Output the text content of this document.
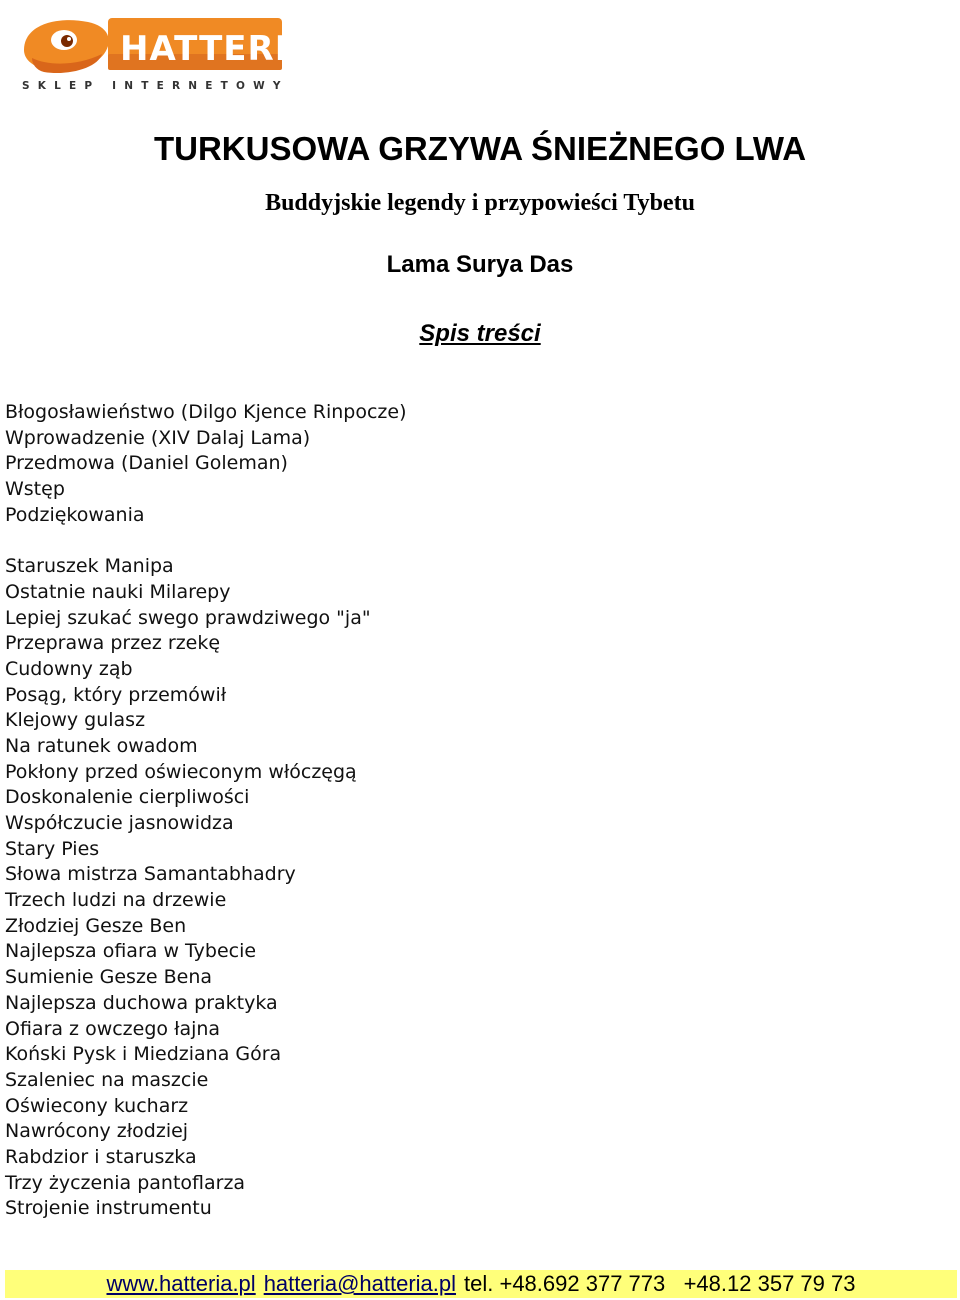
HATTERIA
SKLEP INTERNETOWY
TURKUSOWA GRZYWA ŚNIEŻNEGO LWA
Buddyjskie legendy i przypowieści Tybetu
Lama Surya Das
Spis treści
Błogosławieństwo (Dilgo Kjence Rinpocze)
Wprowadzenie (XIV Dalaj Lama)
Przedmowa (Daniel Goleman)
Wstęp
Podziękowania
Staruszek Manipa
Ostatnie nauki Milarepy
Lepiej szukać swego prawdziwego "ja"
Przeprawa przez rzekę
Cudowny ząb
Posąg, który przemówił
Klejowy gulasz
Na ratunek owadom
Pokłony przed oświeconym włóczęgą
Doskonalenie cierpliwości
Współczucie jasnowidza
Stary Pies
Słowa mistrza Samantabhadry
Trzech ludzi na drzewie
Złodziej Gesze Ben
Najlepsza ofiara w Tybecie
Sumienie Gesze Bena
Najlepsza duchowa praktyka
Ofiara z owczego łajna
Koński Pysk i Miedziana Góra
Szaleniec na maszcie
Oświecony kucharz
Nawrócony złodziej
Rabdzior i staruszka
Trzy życzenia pantoflarza
Strojenie instrumentu
www.hatteria.pl hatteria@hatteria.pl tel. +48.692 377 773   +48.12 357 79 73
